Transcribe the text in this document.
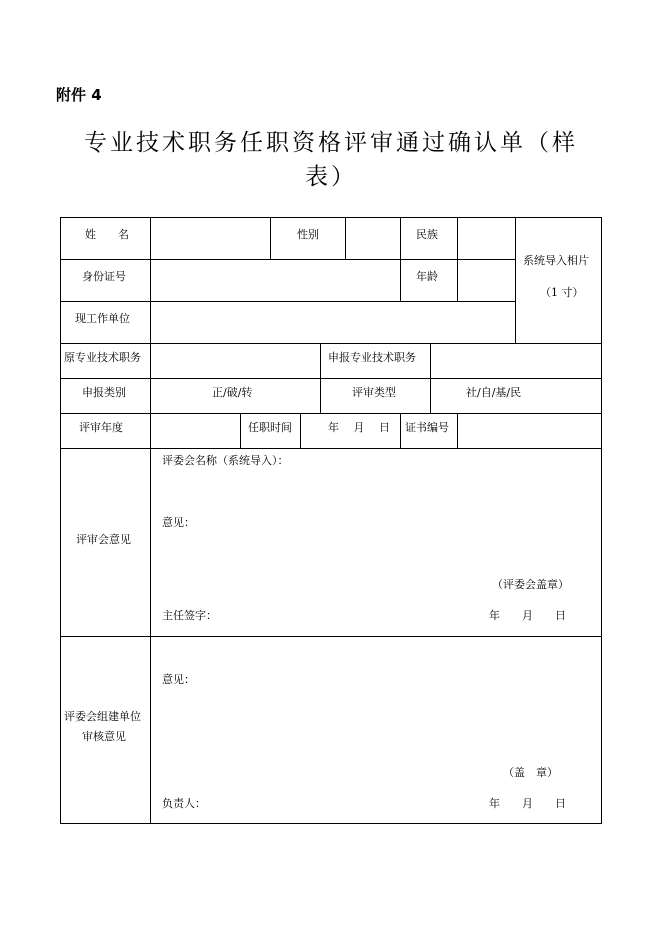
附件 4
专业技术职务任职资格评审通过确认单（样
表）
姓　　名	性别	民族
系统导入相片
（1 寸）
身份证号	年龄
现工作单位
原专业技术职务	申报专业技术职务
申报类别	正/破/转	评审类型	社/自/基/民
评审年度	任职时间	年　 月　 日 证书编号
评审会意见
评委会名称（系统导入）：
意见：
（评委会盖章）
主任签字：	年　　月　　日
评委会组建单位
审核意见
意见：
（盖　章）
负责人：	年　　月　　日
